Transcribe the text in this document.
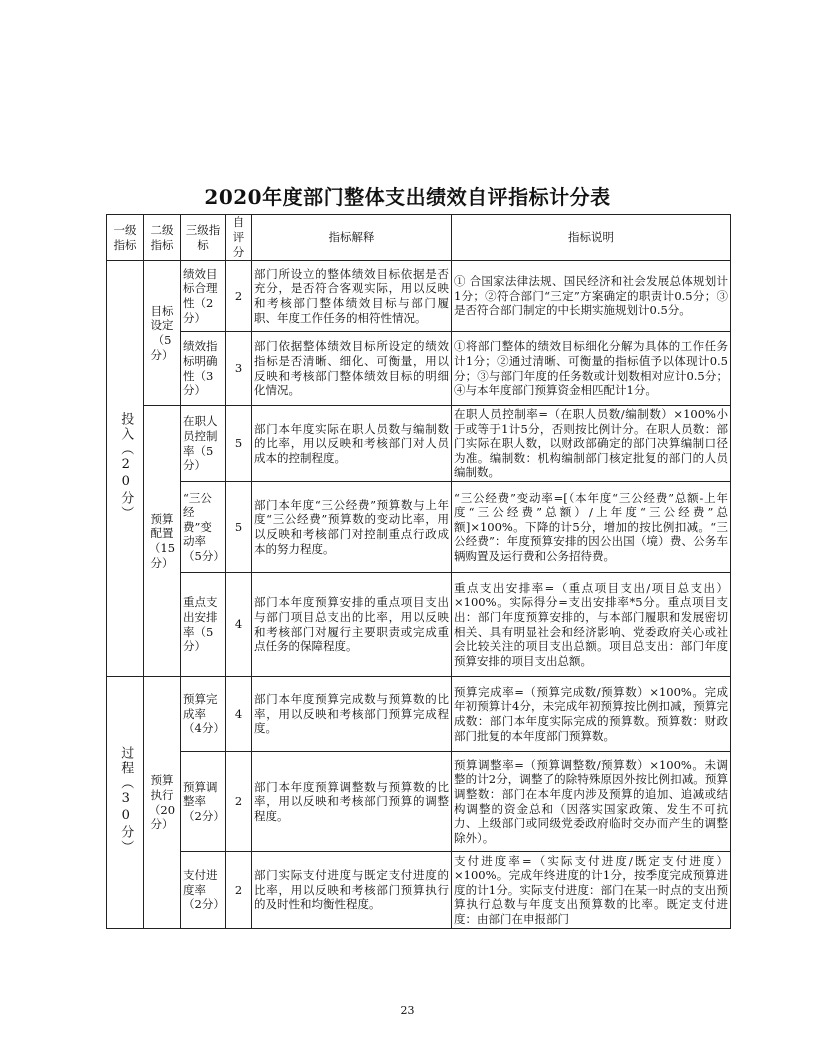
2020年度部门整体支出绩效自评指标计分表
一级指标	二级指标	三级指标	自评分	指标解释	指标说明
投入（20分）	目标设定（5分）	绩效目标合理性（2分）	2	部门所设立的整体绩效目标依据是否充分，是否符合客观实际，用以反映和考核部门整体绩效目标与部门履职、年度工作任务的相符性情况。	① 合国家法律法规、国民经济和社会发展总体规划计1分；②符合部门“三定”方案确定的职责计0.5分；③是否符合部门制定的中长期实施规划计0.5分。
		绩效指标明确性（3分）	3	部门依据整体绩效目标所设定的绩效指标是否清晰、细化、可衡量，用以反映和考核部门整体绩效目标的明细化情况。	①将部门整体的绩效目标细化分解为具体的工作任务计1分；②通过清晰、可衡量的指标值予以体现计0.5分；③与部门年度的任务数或计划数相对应计0.5分；④与本年度部门预算资金相匹配计1分。
	预算配置（15分）	在职人员控制率（5分）	5	部门本年度实际在职人员数与编制数的比率，用以反映和考核部门对人员成本的控制程度。	在职人员控制率=（在职人员数/编制数）×100%小于或等于1计5分，否则按比例计分。在职人员数：部门实际在职人数，以财政部确定的部门决算编制口径为准。编制数：机构编制部门核定批复的部门的人员编制数。
		“三公经费”变动率（5分）	5	部门本年度“三公经费”预算数与上年度“三公经费”预算数的变动比率，用以反映和考核部门对控制重点行政成本的努力程度。	“三公经费”变动率=[（本年度“三公经费”总额-上年度“三公经费”总额）/上年度“三公经费”总额]×100%。下降的计5分，增加的按比例扣减。“三公经费”：年度预算安排的因公出国（境）费、公务车辆购置及运行费和公务招待费。
		重点支出安排率（5分）	4	部门本年度预算安排的重点项目支出与部门项目总支出的比率，用以反映和考核部门对履行主要职责或完成重点任务的保障程度。	重点支出安排率=（重点项目支出/项目总支出）×100%。实际得分=支出安排率*5分。重点项目支出：部门年度预算安排的，与本部门履职和发展密切相关、具有明显社会和经济影响、党委政府关心或社会比较关注的项目支出总额。项目总支出：部门年度预算安排的项目支出总额。
过程（30分）	预算执行（20分）	预算完成率（4分）	4	部门本年度预算完成数与预算数的比率，用以反映和考核部门预算完成程度。	预算完成率=（预算完成数/预算数）×100%。完成年初预算计4分，未完成年初预算按比例扣减，预算完成数：部门本年度实际完成的预算数。预算数：财政部门批复的本年度部门预算数。
		预算调整率（2分）	2	部门本年度预算调整数与预算数的比率，用以反映和考核部门预算的调整程度。	预算调整率=（预算调整数/预算数）×100%。未调整的计2分，调整了的除特殊原因外按比例扣减。预算调整数：部门在本年度内涉及预算的追加、追减或结构调整的资金总和（因落实国家政策、发生不可抗力、上级部门或同级党委政府临时交办而产生的调整除外）。
		支付进度率（2分）	2	部门实际支付进度与既定支付进度的比率，用以反映和考核部门预算执行的及时性和均衡性程度。	支付进度率=（实际支付进度/既定支付进度）×100%。完成年终进度的计1分，按季度完成预算进度的计1分。实际支付进度：部门在某一时点的支出预算执行总数与年度支出预算数的比率。既定支付进度：由部门在申报部门
23
